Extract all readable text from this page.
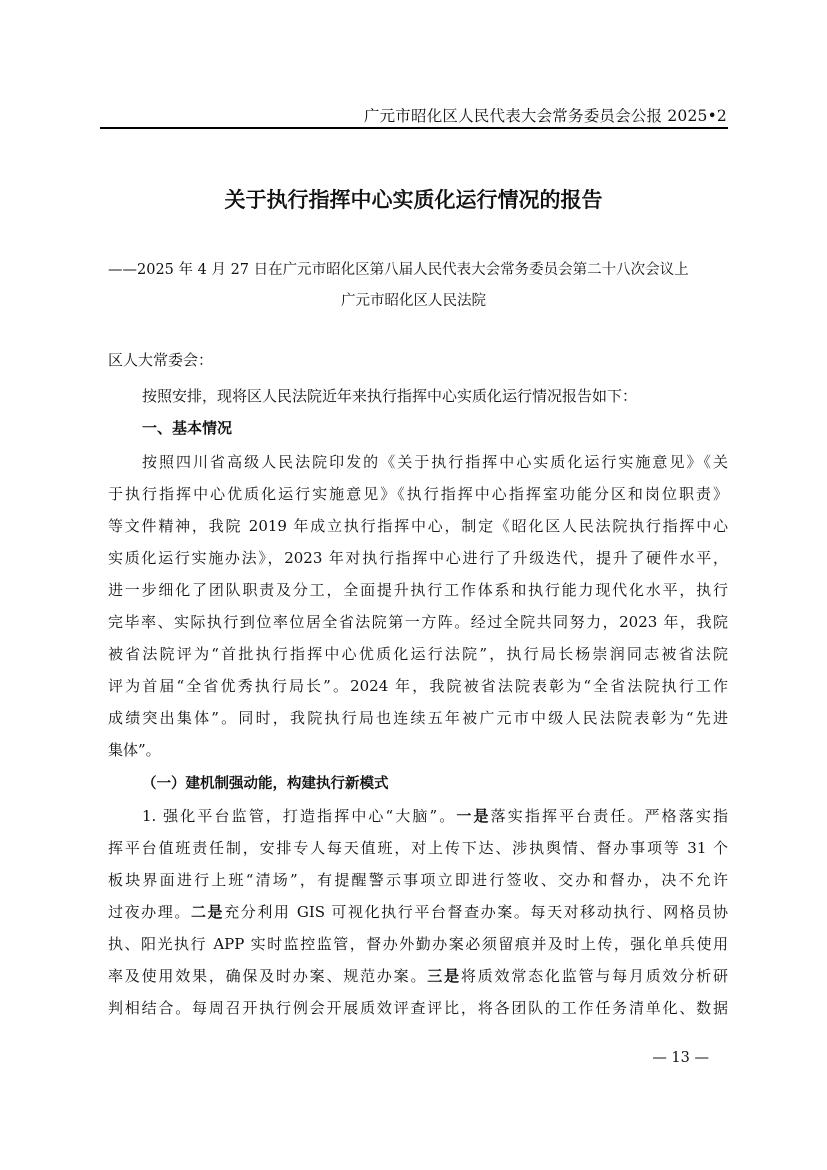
广元市昭化区人民代表大会常务委员会公报 2025•2
关于执行指挥中心实质化运行情况的报告
——2025 年 4 月 27 日在广元市昭化区第八届人民代表大会常务委员会第二十八次会议上
广元市昭化区人民法院
区人大常委会：
按照安排，现将区人民法院近年来执行指挥中心实质化运行情况报告如下：
一、基本情况
按照四川省高级人民法院印发的《关于执行指挥中心实质化运行实施意见》《关
于执行指挥中心优质化运行实施意见》《执行指挥中心指挥室功能分区和岗位职责》
等文件精神，我院 2019 年成立执行指挥中心，制定《昭化区人民法院执行指挥中心
实质化运行实施办法》，2023 年对执行指挥中心进行了升级迭代，提升了硬件水平，
进一步细化了团队职责及分工，全面提升执行工作体系和执行能力现代化水平，执行
完毕率、实际执行到位率位居全省法院第一方阵。经过全院共同努力，2023 年，我院
被省法院评为“首批执行指挥中心优质化运行法院”，执行局长杨崇润同志被省法院
评为首届“全省优秀执行局长”。2024 年，我院被省法院表彰为“全省法院执行工作
成绩突出集体”。同时，我院执行局也连续五年被广元市中级人民法院表彰为“先进
集体”。
（一）建机制强动能，构建执行新模式
1. 强化平台监管，打造指挥中心“大脑”。一是落实指挥平台责任。严格落实指
挥平台值班责任制，安排专人每天值班，对上传下达、涉执舆情、督办事项等 31 个
板块界面进行上班“清场”，有提醒警示事项立即进行签收、交办和督办，决不允许
过夜办理。二是充分利用 GIS 可视化执行平台督查办案。每天对移动执行、网格员协
执、阳光执行 APP 实时监控监管，督办外勤办案必须留痕并及时上传，强化单兵使用
率及使用效果，确保及时办案、规范办案。三是将质效常态化监管与每月质效分析研
判相结合。每周召开执行例会开展质效评查评比，将各团队的工作任务清单化、数据
— 13 —
